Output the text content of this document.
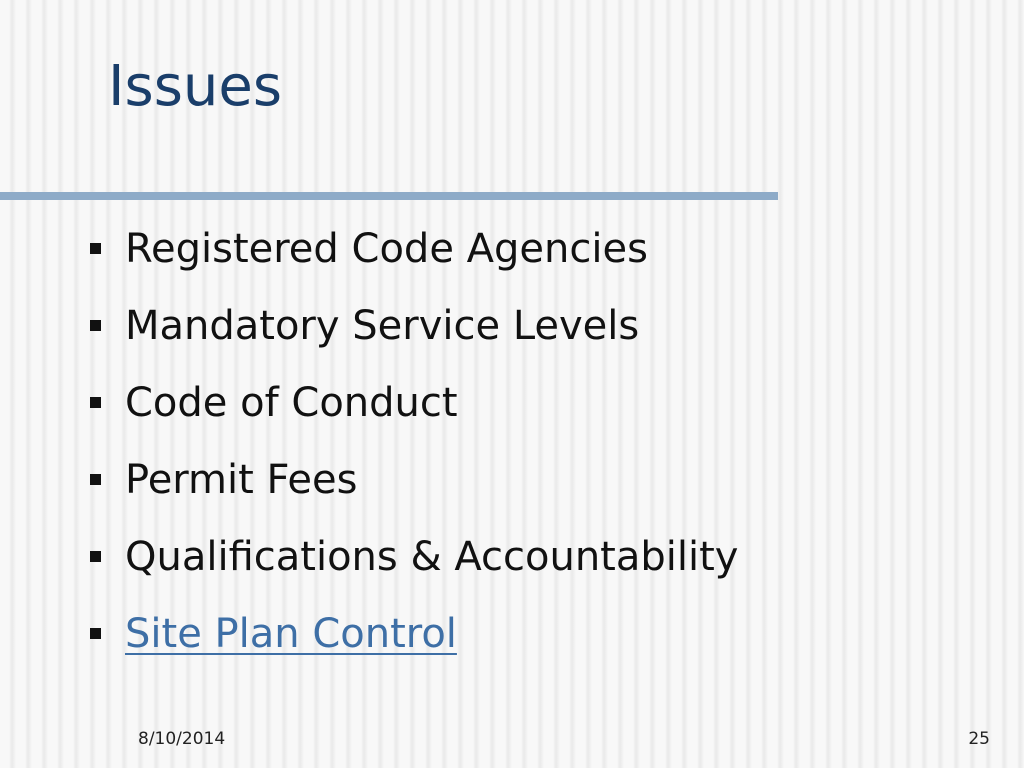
Issues
Registered Code Agencies
Mandatory Service Levels
Code of Conduct
Permit Fees
Qualifications & Accountability
Site Plan Control
8/10/2014	25
